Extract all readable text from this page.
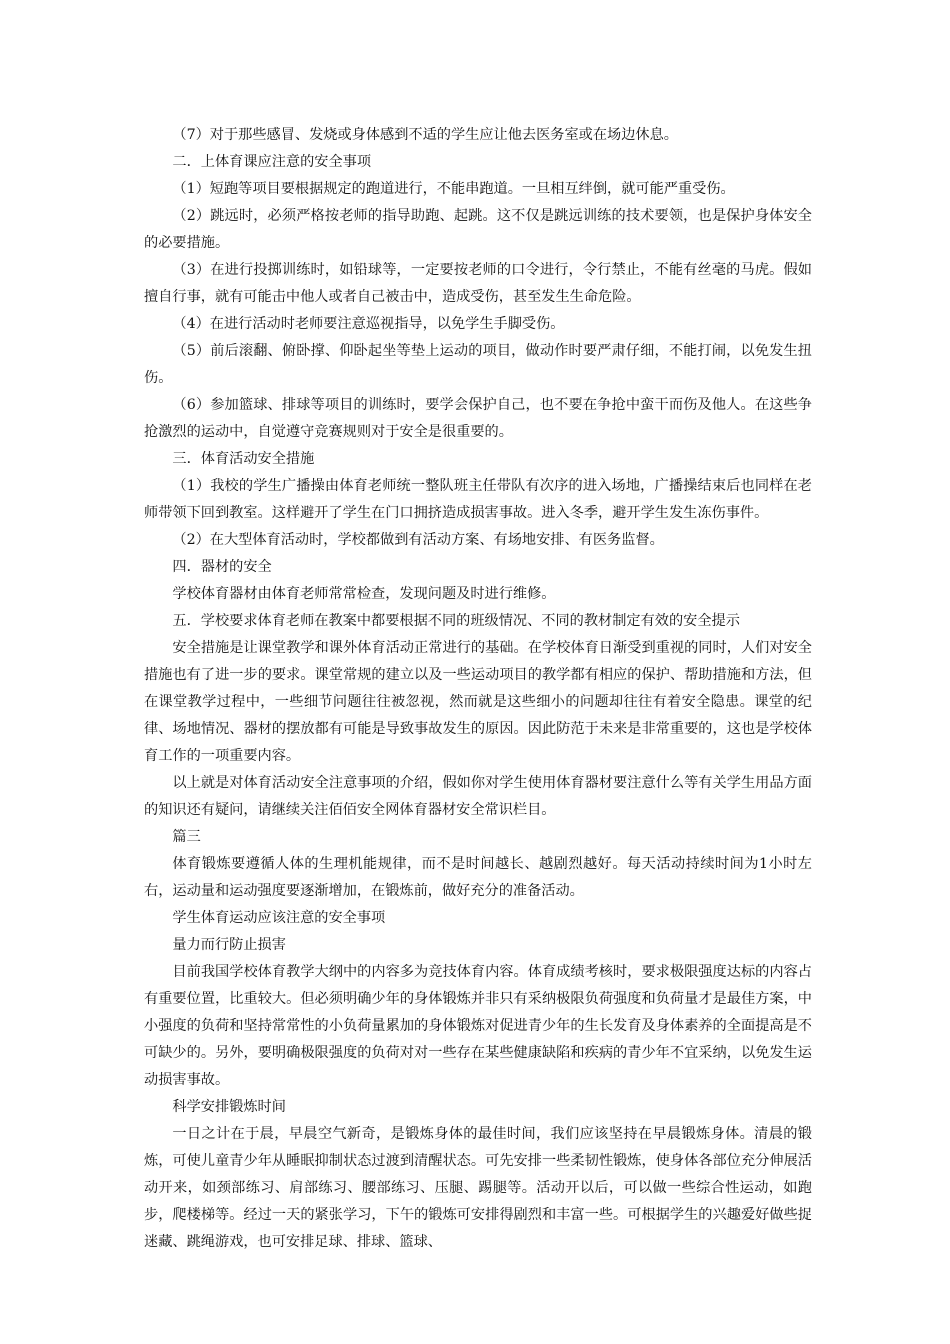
（7）对于那些感冒、发烧或身体感到不适的学生应让他去医务室或在场边休息。

二．上体育课应注意的安全事项

（1）短跑等项目要根据规定的跑道进行，不能串跑道。一旦相互绊倒，就可能严重受伤。

（2）跳远时，必须严格按老师的指导助跑、起跳。这不仅是跳远训练的技术要领，也是保护身体安全的必要措施。

（3）在进行投掷训练时，如铅球等，一定要按老师的口令进行，令行禁止，不能有丝毫的马虎。假如擅自行事，就有可能击中他人或者自己被击中，造成受伤，甚至发生生命危险。

（4）在进行活动时老师要注意巡视指导，以免学生手脚受伤。

（5）前后滚翻、俯卧撑、仰卧起坐等垫上运动的项目，做动作时要严肃仔细，不能打闹，以免发生扭伤。

（6）参加篮球、排球等项目的训练时，要学会保护自己，也不要在争抢中蛮干而伤及他人。在这些争抢激烈的运动中，自觉遵守竞赛规则对于安全是很重要的。

三．体育活动安全措施

（1）我校的学生广播操由体育老师统一整队班主任带队有次序的进入场地，广播操结束后也同样在老师带领下回到教室。这样避开了学生在门口拥挤造成损害事故。进入冬季，避开学生发生冻伤事件。

（2）在大型体育活动时，学校都做到有活动方案、有场地安排、有医务监督。

四．器材的安全

学校体育器材由体育老师常常检查，发现问题及时进行维修。

五．学校要求体育老师在教案中都要根据不同的班级情况、不同的教材制定有效的安全提示

安全措施是让课堂教学和课外体育活动正常进行的基础。在学校体育日渐受到重视的同时，人们对安全措施也有了进一步的要求。课堂常规的建立以及一些运动项目的教学都有相应的保护、帮助措施和方法，但在课堂教学过程中，一些细节问题往往被忽视，然而就是这些细小的问题却往往有着安全隐患。课堂的纪律、场地情况、器材的摆放都有可能是导致事故发生的原因。因此防范于未来是非常重要的，这也是学校体育工作的一项重要内容。

以上就是对体育活动安全注意事项的介绍，假如你对学生使用体育器材要注意什么等有关学生用品方面的知识还有疑问，请继续关注佰佰安全网体育器材安全常识栏目。

篇三

体育锻炼要遵循人体的生理机能规律，而不是时间越长、越剧烈越好。每天活动持续时间为1小时左右，运动量和运动强度要逐渐增加，在锻炼前，做好充分的准备活动。

学生体育运动应该注意的安全事项

量力而行防止损害

目前我国学校体育教学大纲中的内容多为竞技体育内容。体育成绩考核时，要求极限强度达标的内容占有重要位置，比重较大。但必须明确少年的身体锻炼并非只有采纳极限负荷强度和负荷量才是最佳方案，中小强度的负荷和坚持常常性的小负荷量累加的身体锻炼对促进青少年的生长发育及身体素养的全面提高是不可缺少的。另外，要明确极限强度的负荷对对一些存在某些健康缺陷和疾病的青少年不宜采纳，以免发生运动损害事故。

科学安排锻炼时间

一日之计在于晨，早晨空气新奇，是锻炼身体的最佳时间，我们应该坚持在早晨锻炼身体。清晨的锻炼，可使儿童青少年从睡眠抑制状态过渡到清醒状态。可先安排一些柔韧性锻炼，使身体各部位充分伸展活动开来，如颈部练习、肩部练习、腰部练习、压腿、踢腿等。活动开以后，可以做一些综合性运动，如跑步，爬楼梯等。经过一天的紧张学习，下午的锻炼可安排得剧烈和丰富一些。可根据学生的兴趣爱好做些捉迷藏、跳绳游戏，也可安排足球、排球、篮球、
